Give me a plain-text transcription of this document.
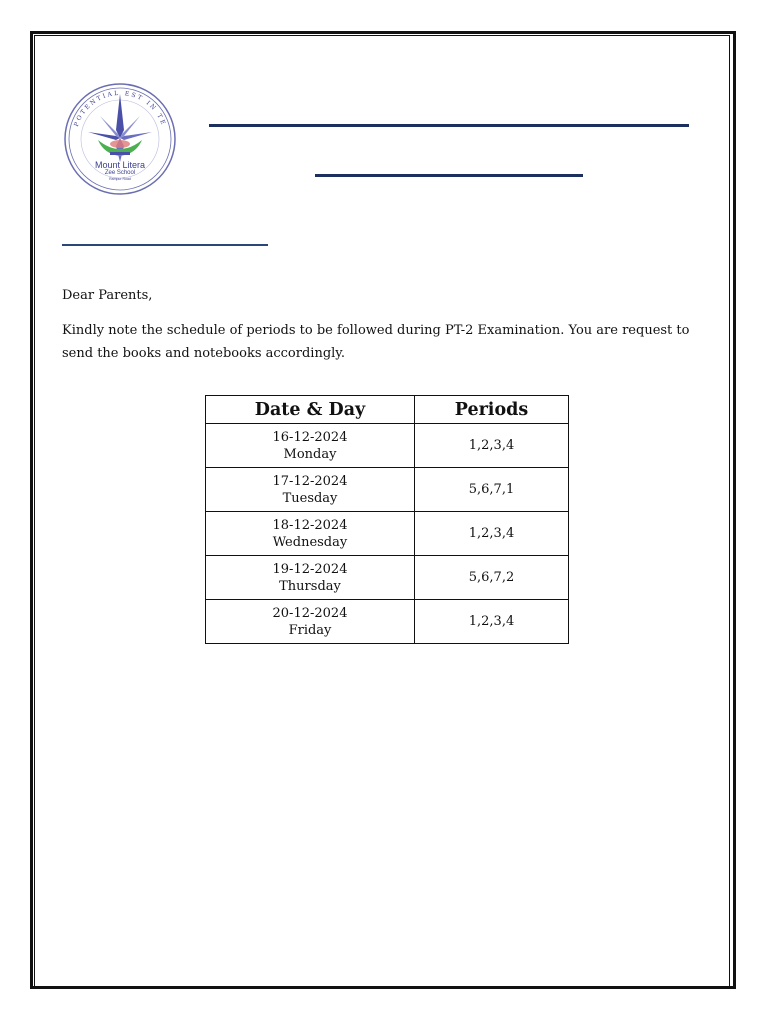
POTENTIAL EST IN TE
Mount Litera
Zee School
Rampur Road
Dear Parents,
Kindly note the schedule of periods to be followed during PT-2 Examination. You are request to send the books and notebooks accordingly.
Date & Day	Periods

16-12-2024
Monday	1,2,3,4

17-12-2024
Tuesday	5,6,7,1

18-12-2024
Wednesday	1,2,3,4

19-12-2024
Thursday	5,6,7,2

20-12-2024
Friday	1,2,3,4
